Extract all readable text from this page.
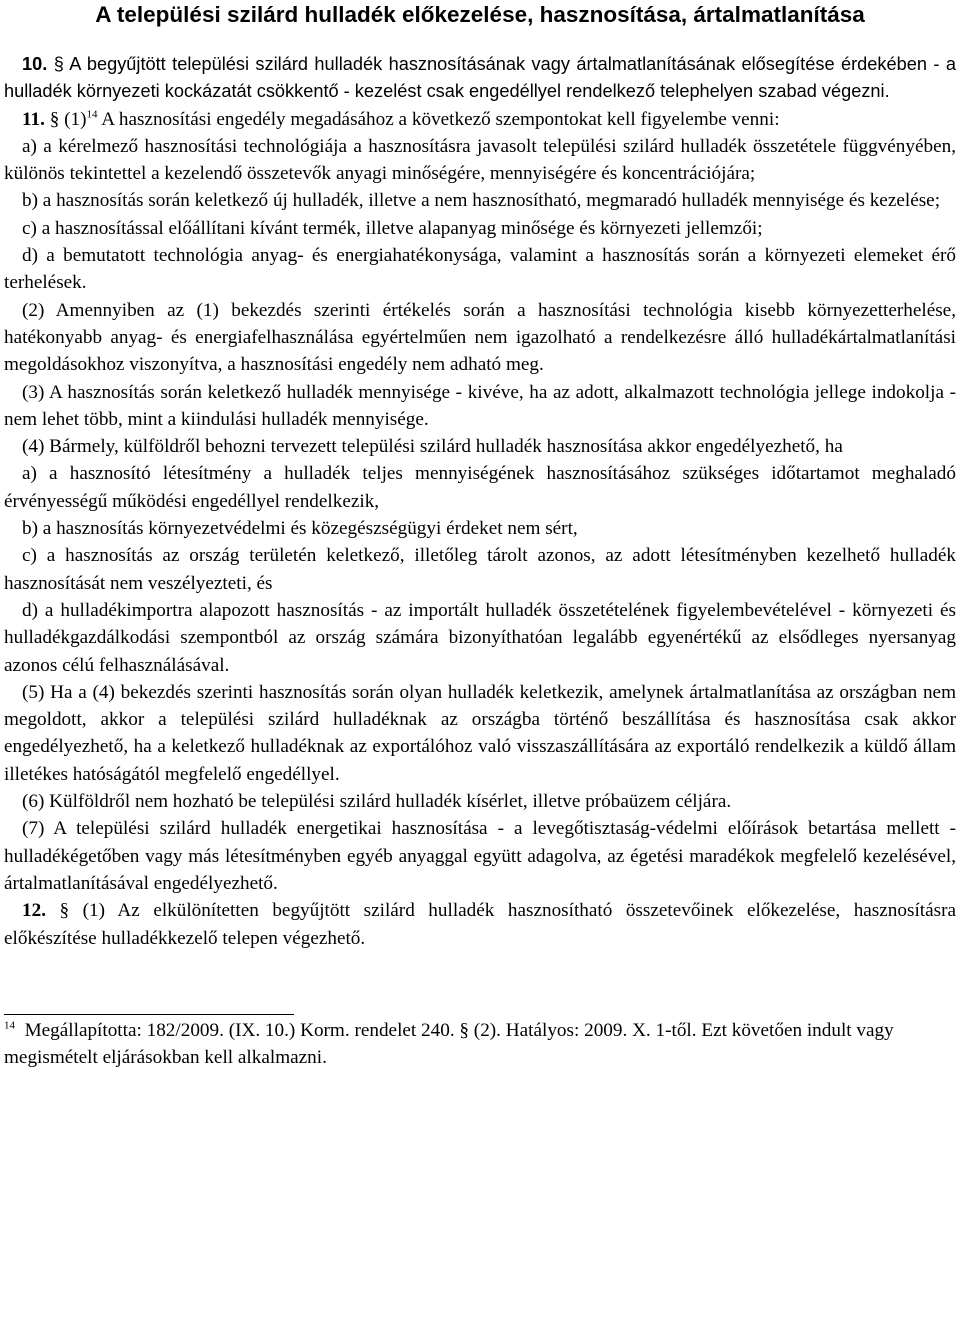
A települési szilárd hulladék előkezelése, hasznosítása, ártalmatlanítása

10. § A begyűjtött települési szilárd hulladék hasznosításának vagy ártalmatlanításának elősegítése érdekében - a hulladék környezeti kockázatát csökkentő - kezelést csak engedéllyel rendelkező telephelyen szabad végezni.

11. § $(1)^{14}$ A hasznosítási engedély megadásához a következő szempontokat kell figyelembe venni:

a) a kérelmező hasznosítási technológiája a hasznosításra javasolt települési szilárd hulladék összetétele függvényében, különös tekintettel a kezelendő összetevők anyagi minőségére, mennyiségére és koncentrációjára;

b) a hasznosítás során keletkező új hulladék, illetve a nem hasznosítható, megmaradó hulladék mennyisége és kezelése;

c) a hasznosítással előállítani kívánt termék, illetve alapanyag minősége és környezeti jellemzői;

d) a bemutatott technológia anyag- és energiahatékonysága, valamint a hasznosítás során a környezeti elemeket érő terhelések.

(2) Amennyiben az (1) bekezdés szerinti értékelés során a hasznosítási technológia kisebb környezetterhelése, hatékonyabb anyag- és energiafelhasználása egyértelműen nem igazolható a rendelkezésre álló hulladékártalmatlanítási megoldásokhoz viszonyítva, a hasznosítási engedély nem adható meg.

(3) A hasznosítás során keletkező hulladék mennyisége - kivéve, ha az adott, alkalmazott technológia jellege indokolja - nem lehet több, mint a kiindulási hulladék mennyisége.

(4) Bármely, külföldről behozni tervezett települési szilárd hulladék hasznosítása akkor engedélyezhető, ha

a) a hasznosító létesítmény a hulladék teljes mennyiségének hasznosításához szükséges időtartamot meghaladó érvényességű működési engedéllyel rendelkezik,

b) a hasznosítás környezetvédelmi és közegészségügyi érdeket nem sért,

c) a hasznosítás az ország területén keletkező, illetőleg tárolt azonos, az adott létesítményben kezelhető hulladék hasznosítását nem veszélyezteti, és

d) a hulladékimportra alapozott hasznosítás - az importált hulladék összetételének figyelembevételével - környezeti és hulladékgazdálkodási szempontból az ország számára bizonyíthatóan legalább egyenértékű az elsődleges nyersanyag azonos célú felhasználásával.

(5) Ha a (4) bekezdés szerinti hasznosítás során olyan hulladék keletkezik, amelynek ártalmatlanítása az országban nem megoldott, akkor a települési szilárd hulladéknak az országba történő beszállítása és hasznosítása csak akkor engedélyezhető, ha a keletkező hulladéknak az exportálóhoz való visszaszállítására az exportáló rendelkezik a küldő állam illetékes hatóságától megfelelő engedéllyel.

(6) Külföldről nem hozható be települési szilárd hulladék kísérlet, illetve próbaüzem céljára.

(7) A települési szilárd hulladék energetikai hasznosítása - a levegőtisztaság-védelmi előírások betartása mellett - hulladékégetőben vagy más létesítményben egyéb anyaggal együtt adagolva, az égetési maradékok megfelelő kezelésével, ártalmatlanításával engedélyezhető.

12. § (1) Az elkülönítetten begyűjtött szilárd hulladék hasznosítható összetevőinek előkezelése, hasznosításra előkészítése hulladékkezelő telepen végezhető.

$^{14}$ Megállapította: 182/2009. (IX. 10.) Korm. rendelet 240. § (2). Hatályos: 2009. X. 1-től. Ezt követően indult vagy megismételt eljárásokban kell alkalmazni.
